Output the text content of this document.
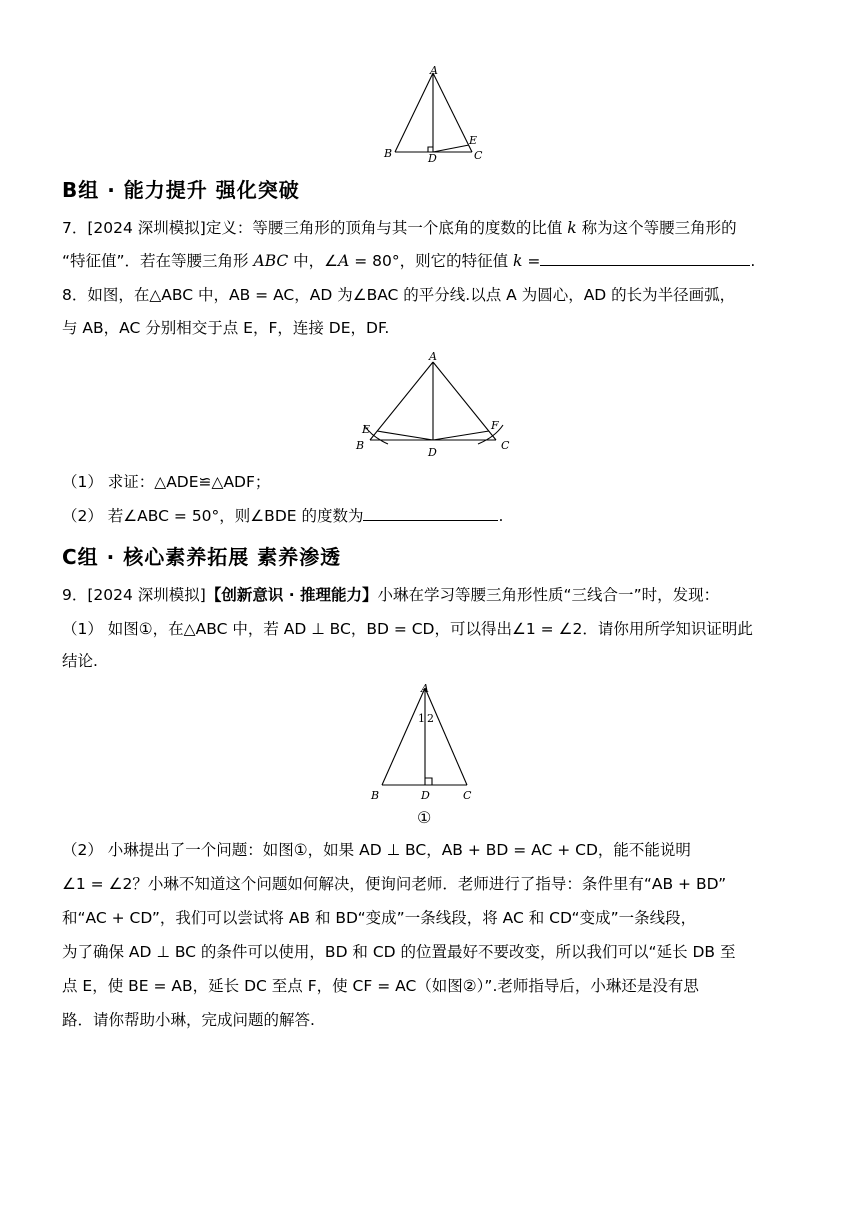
A
B	C
D
E
B组 · 能力提升 强化突破
7．[2024 深圳模拟]定义：等腰三角形的顶角与其一个底角的度数的比值 k 称为这个等腰三角形的
“特征值”．若在等腰三角形 ABC 中，∠A = 80°，则它的特征值 k =	.
8．如图，在△ABC 中，AB = AC，AD 为∠BAC 的平分线.以点 A 为圆心，AD 的长为半径画弧，
与 AB，AC 分别相交于点 E，F，连接 DE，DF.
A
B	C
D
E	F
（1） 求证：△ADE≌△ADF；
（2） 若∠ABC = 50°，则∠BDE 的度数为	.
C组 · 核心素养拓展 素养渗透
9．[2024 深圳模拟]【创新意识 · 推理能力】小琳在学习等腰三角形性质“三线合一”时，发现：
（1） 如图①，在△ABC 中，若 AD ⊥ BC，BD = CD，可以得出∠1 = ∠2．请你用所学知识证明此
结论.
A
1 2
B	D	C
①
（2） 小琳提出了一个问题：如图①，如果 AD ⊥ BC，AB + BD = AC + CD，能不能说明
∠1 = ∠2？小琳不知道这个问题如何解决，便询问老师．老师进行了指导：条件里有“AB + BD”
和“AC + CD”，我们可以尝试将 AB 和 BD“变成”一条线段，将 AC 和 CD“变成”一条线段，
为了确保 AD ⊥ BC 的条件可以使用，BD 和 CD 的位置最好不要改变，所以我们可以“延长 DB 至
点 E，使 BE = AB，延长 DC 至点 F，使 CF = AC（如图②）”.老师指导后，小琳还是没有思
路．请你帮助小琳，完成问题的解答.
